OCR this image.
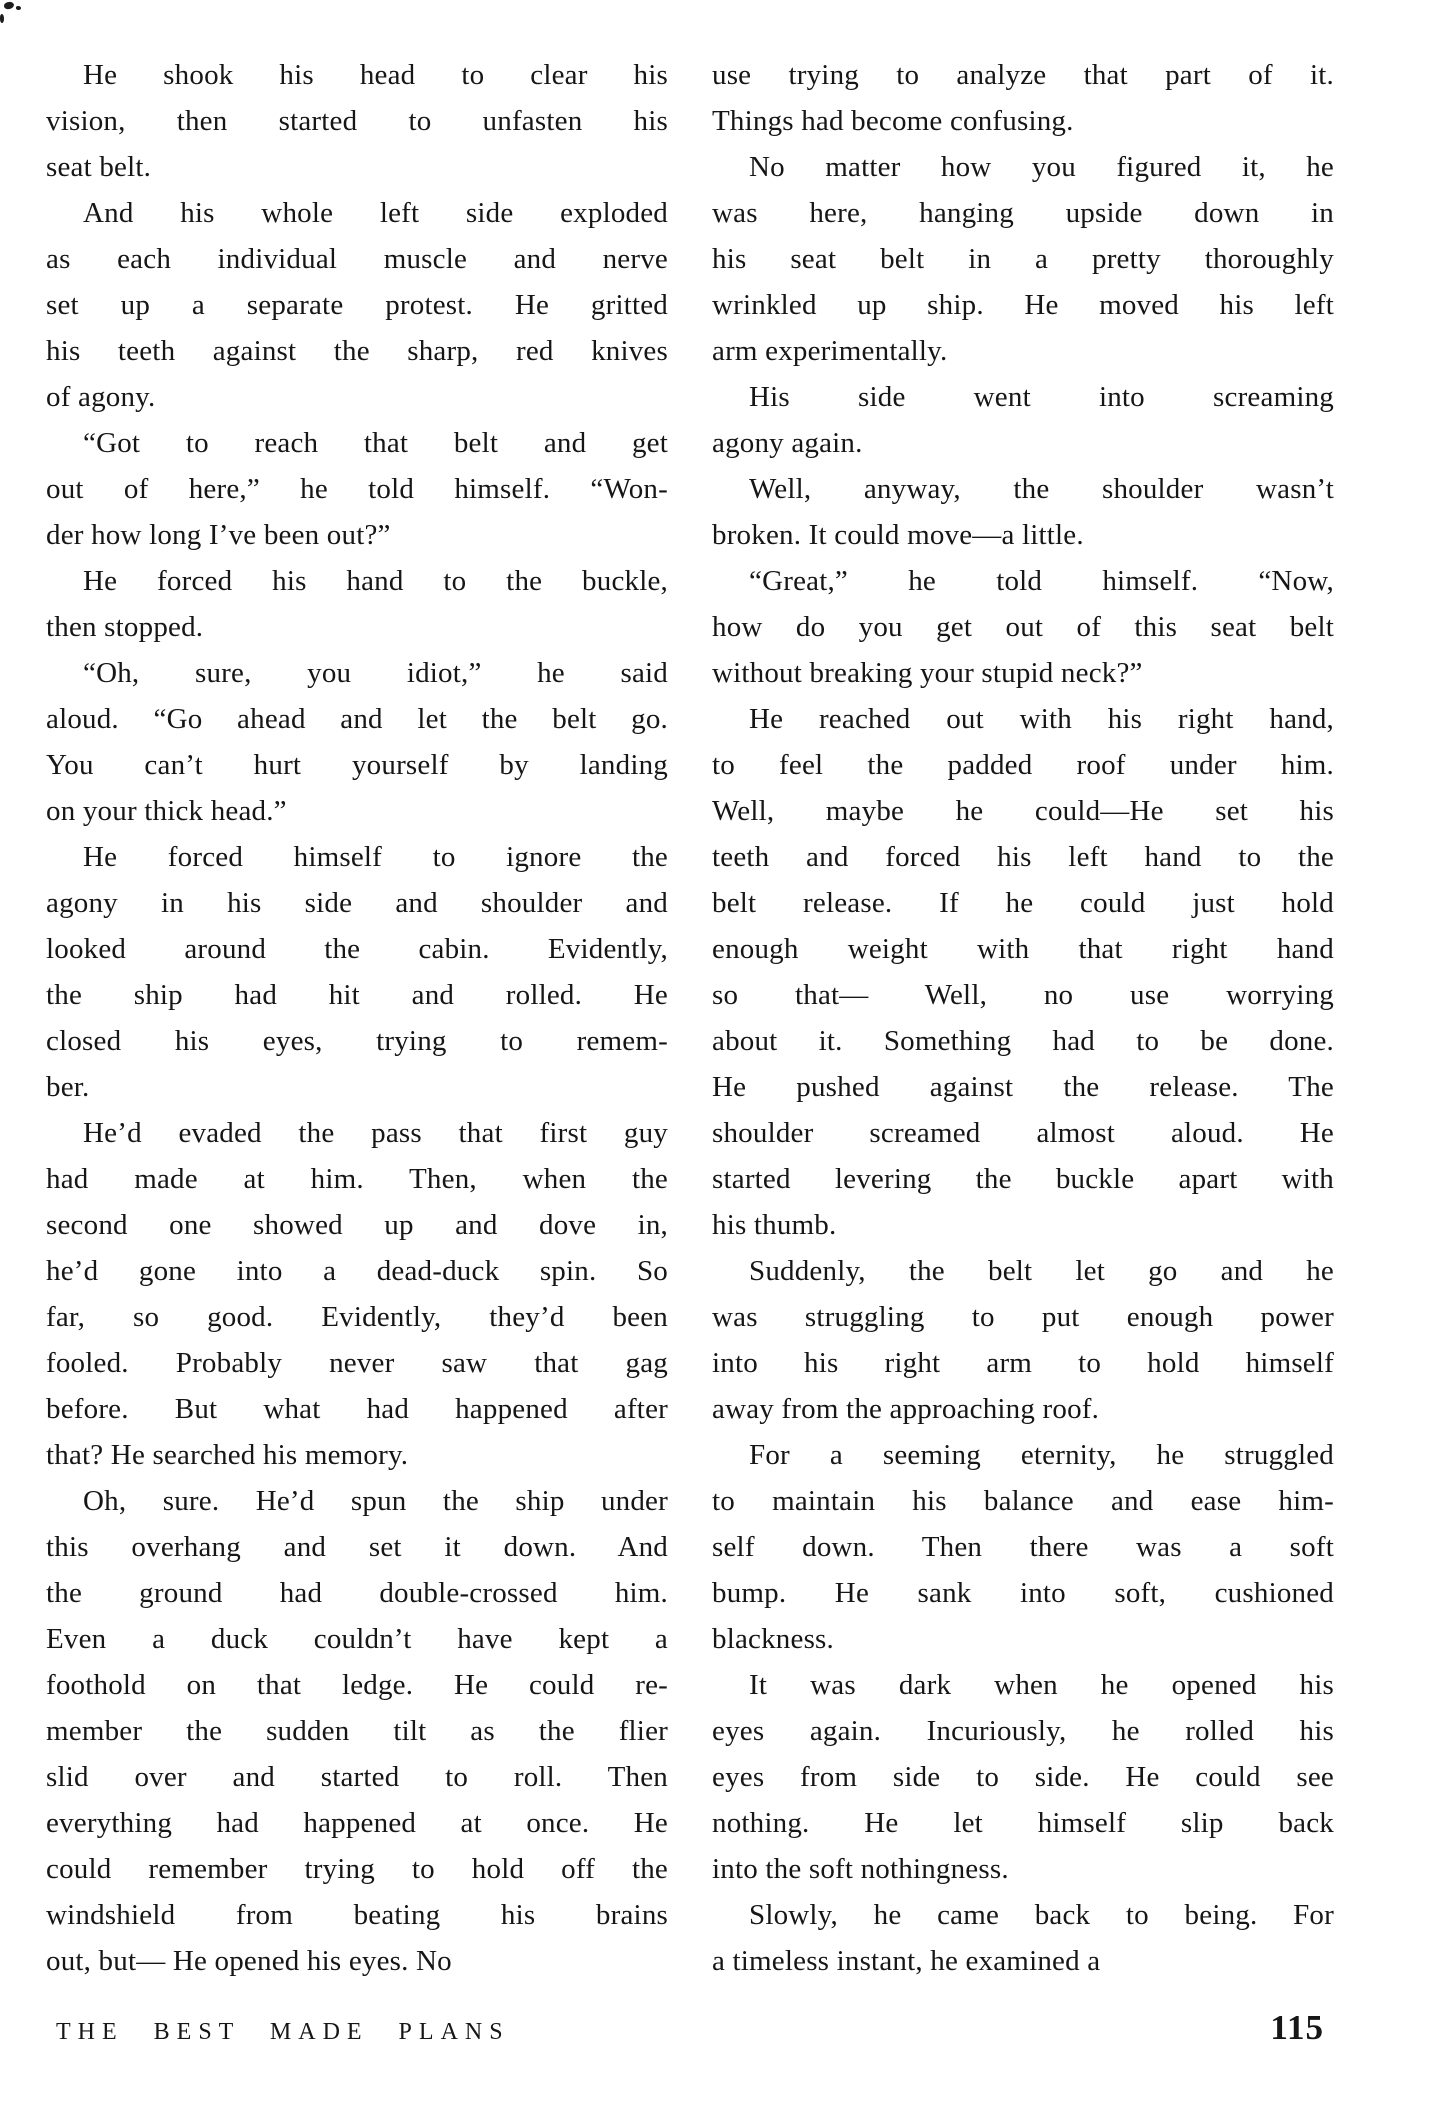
He shook his head to clear his
vision, then started to unfasten his
seat belt.
And his whole left side exploded
as each individual muscle and nerve
set up a separate protest. He gritted
his teeth against the sharp, red knives
of agony.
“Got to reach that belt and get
out of here,” he told himself. “Won-
der how long I’ve been out?”
He forced his hand to the buckle,
then stopped.
“Oh, sure, you idiot,” he said
aloud. “Go ahead and let the belt go.
You can’t hurt yourself by landing
on your thick head.”
He forced himself to ignore the
agony in his side and shoulder and
looked around the cabin. Evidently,
the ship had hit and rolled. He
closed his eyes, trying to remem-
ber.
He’d evaded the pass that first guy
had made at him. Then, when the
second one showed up and dove in,
he’d gone into a dead-duck spin. So
far, so good. Evidently, they’d been
fooled. Probably never saw that gag
before. But what had happened after
that? He searched his memory.
Oh, sure. He’d spun the ship under
this overhang and set it down. And
the ground had double-crossed him.
Even a duck couldn’t have kept a
foothold on that ledge. He could re-
member the sudden tilt as the flier
slid over and started to roll. Then
everything had happened at once. He
could remember trying to hold off the
windshield from beating his brains
out, but— He opened his eyes. No
use trying to analyze that part of it.
Things had become confusing.
No matter how you figured it, he
was here, hanging upside down in
his seat belt in a pretty thoroughly
wrinkled up ship. He moved his left
arm experimentally.
His side went into screaming
agony again.
Well, anyway, the shoulder wasn’t
broken. It could move—a little.
“Great,” he told himself. “Now,
how do you get out of this seat belt
without breaking your stupid neck?”
He reached out with his right hand,
to feel the padded roof under him.
Well, maybe he could—He set his
teeth and forced his left hand to the
belt release. If he could just hold
enough weight with that right hand
so that— Well, no use worrying
about it. Something had to be done.
He pushed against the release. The
shoulder screamed almost aloud. He
started levering the buckle apart with
his thumb.
Suddenly, the belt let go and he
was struggling to put enough power
into his right arm to hold himself
away from the approaching roof.
For a seeming eternity, he struggled
to maintain his balance and ease him-
self down. Then there was a soft
bump. He sank into soft, cushioned
blackness.
It was dark when he opened his
eyes again. Incuriously, he rolled his
eyes from side to side. He could see
nothing. He let himself slip back
into the soft nothingness.
Slowly, he came back to being. For
a timeless instant, he examined a
THE BEST MADE PLANS	115
